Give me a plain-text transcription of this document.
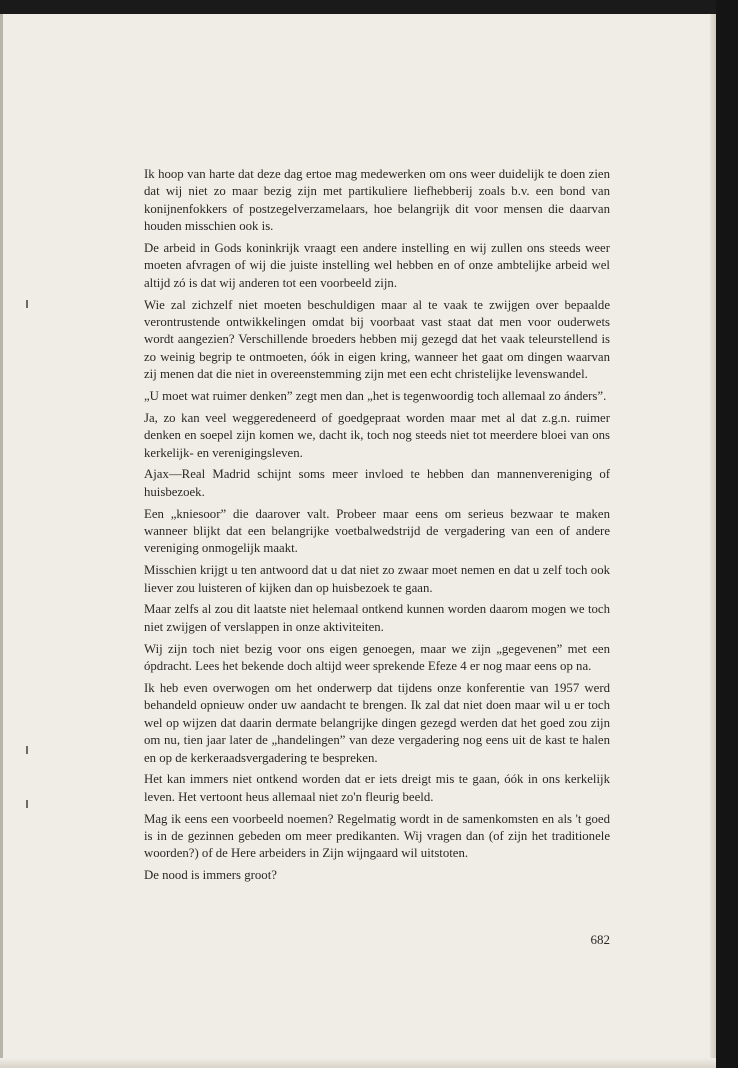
Ik hoop van harte dat deze dag ertoe mag medewerken om ons weer duidelijk te doen zien dat wij niet zo maar bezig zijn met partikuliere liefhebberij zoals b.v. een bond van konijnenfokkers of postzegelverzamelaars, hoe belangrijk dit voor mensen die daarvan houden misschien ook is.

De arbeid in Gods koninkrijk vraagt een andere instelling en wij zullen ons steeds weer moeten afvragen of wij die juiste instelling wel hebben en of onze ambtelijke arbeid wel altijd zó is dat wij anderen tot een voorbeeld zijn.

Wie zal zichzelf niet moeten beschuldigen maar al te vaak te zwijgen over bepaalde verontrustende ontwikkelingen omdat bij voorbaat vast staat dat men voor ouderwets wordt aangezien? Verschillende broeders hebben mij gezegd dat het vaak teleurstellend is zo weinig begrip te ontmoeten, óók in eigen kring, wanneer het gaat om dingen waarvan zij menen dat die niet in overeenstemming zijn met een echt christelijke levenswandel.

„U moet wat ruimer denken” zegt men dan „het is tegenwoordig toch allemaal zo ánders”.

Ja, zo kan veel weggeredeneerd of goedgepraat worden maar met al dat z.g.n. ruimer denken en soepel zijn komen we, dacht ik, toch nog steeds niet tot meerdere bloei van ons kerkelijk- en verenigingsleven.

Ajax—Real Madrid schijnt soms meer invloed te hebben dan mannenvereniging of huisbezoek.

Een „kniesoor” die daarover valt. Probeer maar eens om serieus bezwaar te maken wanneer blijkt dat een belangrijke voetbalwedstrijd de vergadering van een of andere vereniging onmogelijk maakt.

Misschien krijgt u ten antwoord dat u dat niet zo zwaar moet nemen en dat u zelf toch ook liever zou luisteren of kijken dan op huisbezoek te gaan.

Maar zelfs al zou dit laatste niet helemaal ontkend kunnen worden daarom mogen we toch niet zwijgen of verslappen in onze aktiviteiten.

Wij zijn toch niet bezig voor ons eigen genoegen, maar we zijn „gegevenen” met een ópdracht. Lees het bekende doch altijd weer sprekende Efeze 4 er nog maar eens op na.

Ik heb even overwogen om het onderwerp dat tijdens onze konferentie van 1957 werd behandeld opnieuw onder uw aandacht te brengen. Ik zal dat niet doen maar wil u er toch wel op wijzen dat daarin dermate belangrijke dingen gezegd werden dat het goed zou zijn om nu, tien jaar later de „handelingen” van deze vergadering nog eens uit de kast te halen en op de kerkeraadsvergadering te bespreken.

Het kan immers niet ontkend worden dat er iets dreigt mis te gaan, óók in ons kerkelijk leven. Het vertoont heus allemaal niet zo'n fleurig beeld.

Mag ik eens een voorbeeld noemen? Regelmatig wordt in de samenkomsten en als 't goed is in de gezinnen gebeden om meer predikanten. Wij vragen dan (of zijn het traditionele woorden?) of de Here arbeiders in Zijn wijngaard wil uitstoten.

De nood is immers groot?

682
